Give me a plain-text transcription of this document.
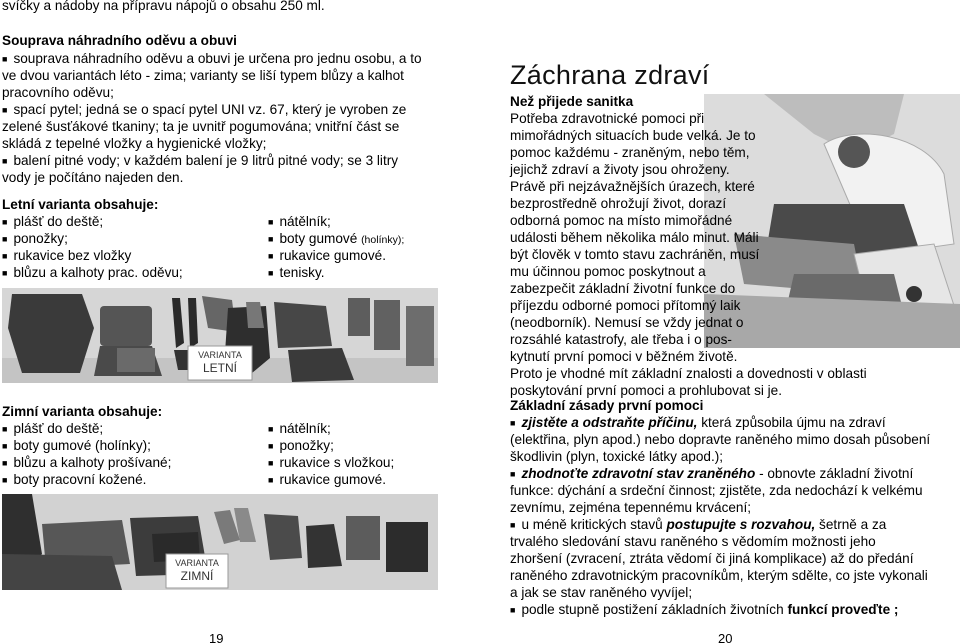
svíčky a nádoby na přípravu nápojů o obsahu 250 ml.
Souprava náhradního oděvu a obuvi
■ souprava náhradního oděvu a obuvi je určena pro jednu osobu, a to
ve dvou variantách léto - zima; varianty se liší typem blůzy a kalhot
pracovního oděvu;
■ spací pytel; jedná se o spací pytel UNI vz. 67, který je vyroben ze
zelené šusťákové tkaniny; ta je uvnitř pogumována; vnitřní část se
skládá z tepelné vložky a hygienické vložky;
■ balení pitné vody; v každém balení je 9 litrů pitné vody; se 3 litry
vody je počítáno najeden den.
Letní varianta obsahuje:
■ plášť do deště;
■ ponožky;
■ rukavice bez vložky
■ blůzu a kalhoty prac. oděvu;
■ nátělník;
■ boty gumové (holínky);
■ rukavice gumové.
■ tenisky.
VARIANTA
LETNÍ
Zimní varianta obsahuje:
■ plášť do deště;
■ boty gumové (holínky);
■ blůzu a kalhoty prošívané;
■ boty pracovní kožené.
■ nátělník;
■ ponožky;
■ rukavice s vložkou;
■ rukavice gumové.
VARIANTA
ZIMNÍ
19
Záchrana zdraví
Než přijede sanitka
Potřeba zdravotnické pomoci při
mimořádných situacích bude velká. Je to
pomoc každému - zraněným, nebo těm,
jejichž zdraví a životy jsou ohroženy.
Právě při nejzávažnějších úrazech, které
bezprostředně ohrožují život, dorazí
odborná pomoc na místo mimořádné
události během několika málo minut. Máli
být člověk v tomto stavu zachráněn, musí
mu účinnou pomoc poskytnout a
zabezpečit základní životní funkce do
příjezdu odborné pomoci přítomný laik
(neodborník). Nemusí se vždy jednat o
rozsáhlé katastrofy, ale třeba i o pos-
kytnutí první pomoci v běžném životě.
Proto je vhodné mít základní znalosti a dovednosti v oblasti
poskytování první pomoci a prohlubovat si je.
Základní zásady první pomoci
■ zjistěte a odstraňte příčinu, která způsobila újmu na zdraví
(elektřina, plyn apod.) nebo dopravte raněného mimo dosah působení
škodlivin (plyn, toxické látky apod.);
■ zhodnoťte zdravotní stav zraněného - obnovte základní životní
funkce: dýchání a srdeční činnost; zjistěte, zda nedochází k velkému
zevnímu, zejména tepennému krvácení;
■ u méně kritických stavů postupujte s rozvahou, šetrně a za
trvalého sledování stavu raněného s vědomím možnosti jeho
zhoršení (zvracení, ztráta vědomí či jiná komplikace) až do předání
raněného zdravotnickým pracovníkům, kterým sdělte, co jste vykonali
a jak se stav raněného vyvíjel;
■ podle stupně postižení základních životních funkcí proveďte ;
20
